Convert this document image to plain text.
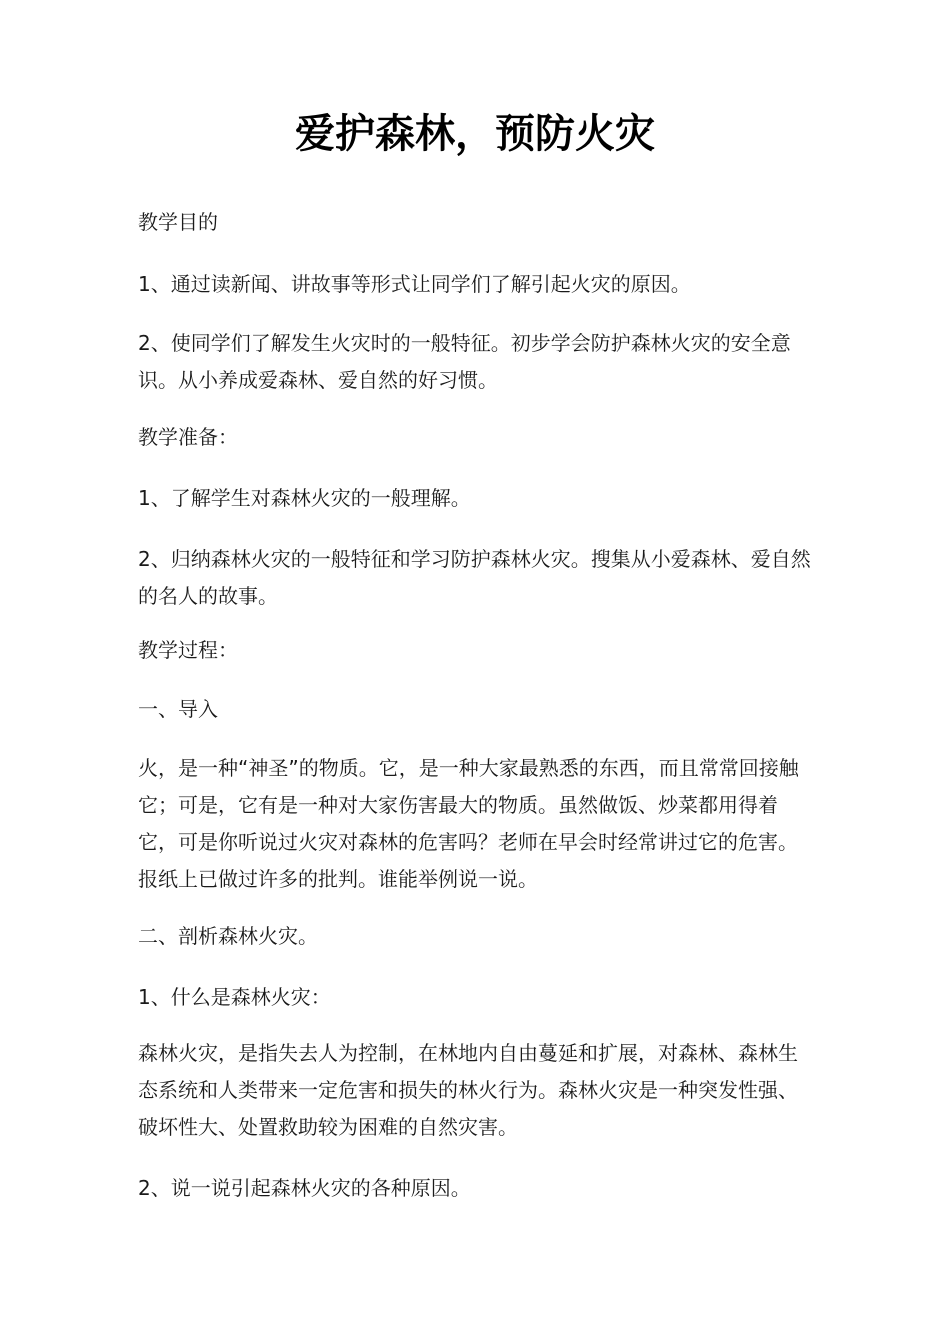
爱护森林，预防火灾

教学目的

1、通过读新闻、讲故事等形式让同学们了解引起火灾的原因。

2、使同学们了解发生火灾时的一般特征。初步学会防护森林火灾的安全意识。从小养成爱森林、爱自然的好习惯。

教学准备：

1、了解学生对森林火灾的一般理解。

2、归纳森林火灾的一般特征和学习防护森林火灾。搜集从小爱森林、爱自然的名人的故事。

教学过程：

一、导入

火，是一种“神圣”的物质。它，是一种大家最熟悉的东西，而且常常回接触它；可是，它有是一种对大家伤害最大的物质。虽然做饭、炒菜都用得着它，可是你听说过火灾对森林的危害吗？老师在早会时经常讲过它的危害。报纸上已做过许多的批判。谁能举例说一说。

二、剖析森林火灾。

1、什么是森林火灾：

森林火灾，是指失去人为控制，在林地内自由蔓延和扩展，对森林、森林生态系统和人类带来一定危害和损失的林火行为。森林火灾是一种突发性强、破坏性大、处置救助较为困难的自然灾害。

2、说一说引起森林火灾的各种原因。
